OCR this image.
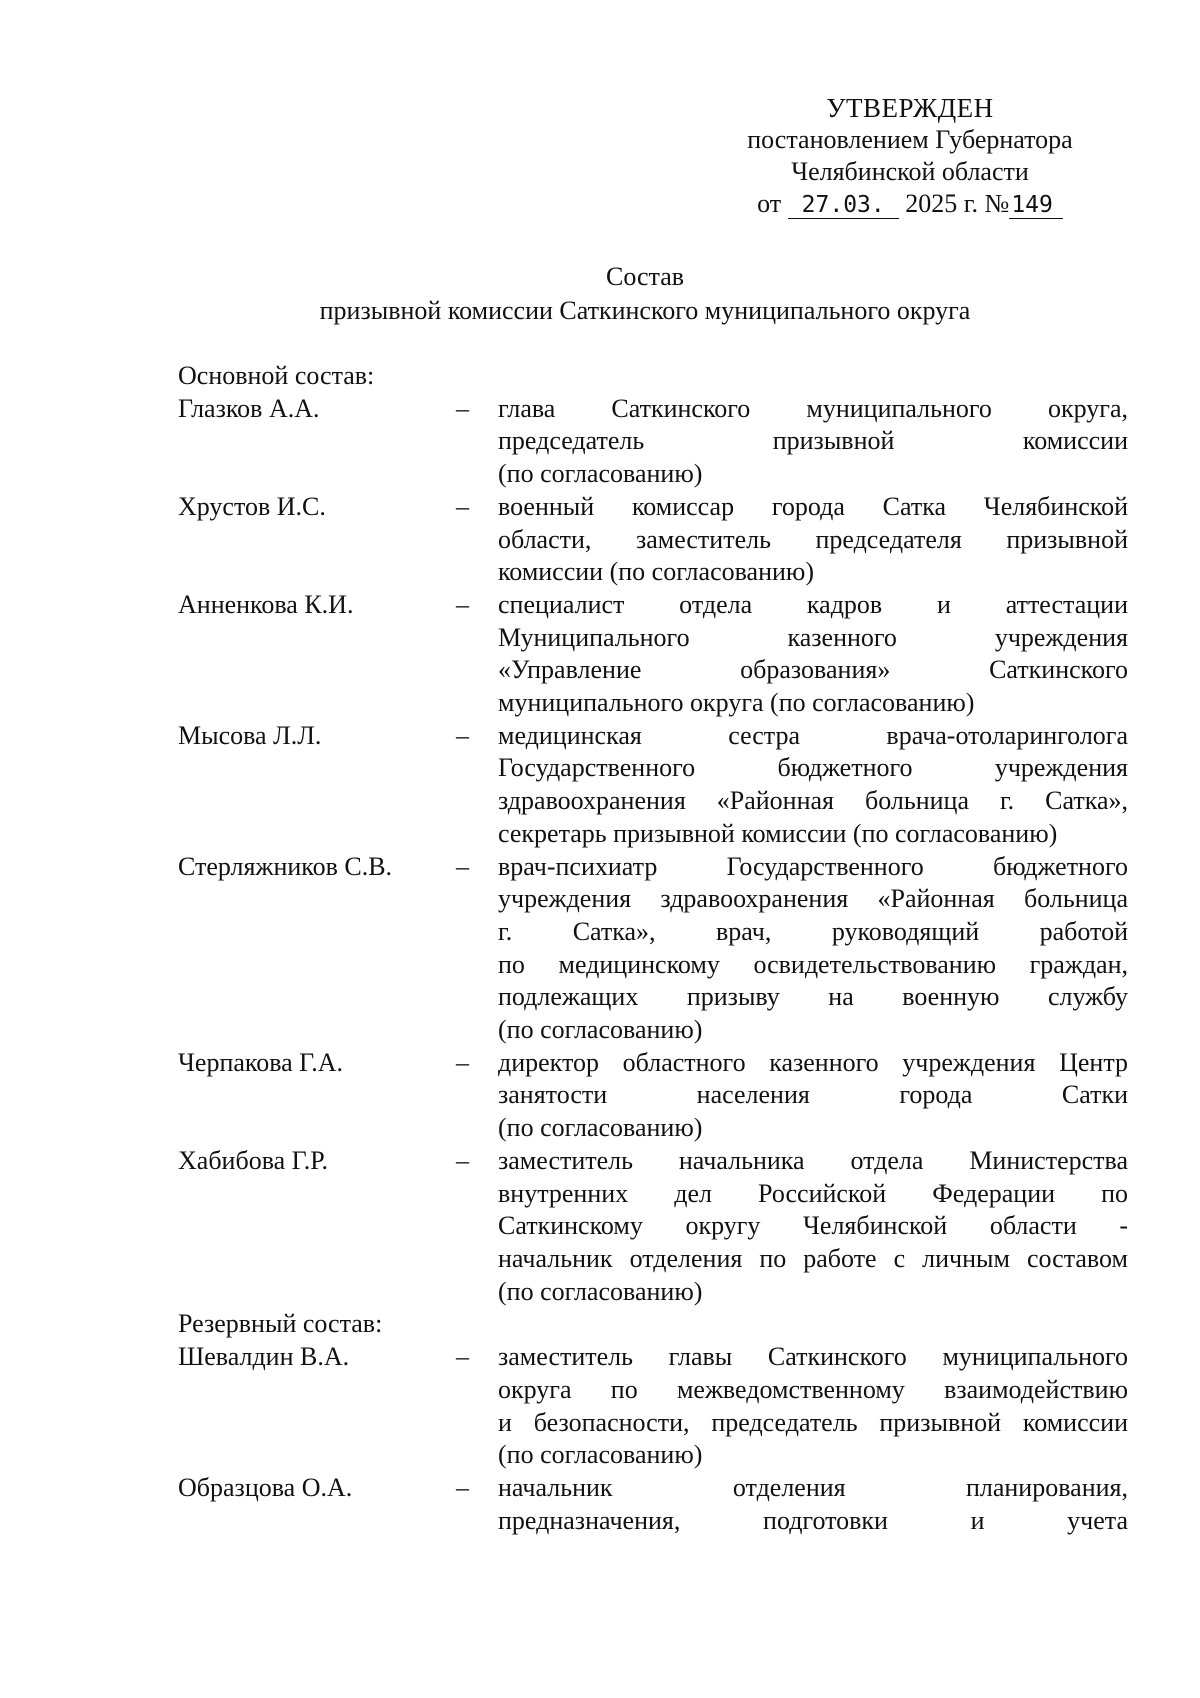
УТВЕРЖДЕН
постановлением Губернатора
Челябинской области
от 27.03. 2025 г. №149
Состав
призывной комиссии Саткинского муниципального округа
Основной состав:
Глазков А.А.	–	глава Саткинского муниципального округа,
председатель призывной комиссии
(по согласованию)
Хрустов И.С.	–	военный комиссар города Сатка Челябинской
области, заместитель председателя призывной
комиссии (по согласованию)
Анненкова К.И.	–	специалист отдела кадров и аттестации
Муниципального казенного учреждения
«Управление образования» Саткинского
муниципального округа (по согласованию)
Мысова Л.Л.	–	медицинская сестра врача-отоларинголога
Государственного бюджетного учреждения
здравоохранения «Районная больница г. Сатка»,
секретарь призывной комиссии (по согласованию)
Стерляжников С.В.	–	врач-психиатр Государственного бюджетного
учреждения здравоохранения «Районная больница
г. Сатка», врач, руководящий работой
по медицинскому освидетельствованию граждан,
подлежащих призыву на военную службу
(по согласованию)
Черпакова Г.А.	–	директор областного казенного учреждения Центр
занятости населения города Сатки
(по согласованию)
Хабибова Г.Р.	–	заместитель начальника отдела Министерства
внутренних дел Российской Федерации по
Саткинскому округу Челябинской области -
начальник отделения по работе с личным составом
(по согласованию)
Резервный состав:
Шевалдин В.А.	–	заместитель главы Саткинского муниципального
округа по межведомственному взаимодействию
и безопасности, председатель призывной комиссии
(по согласованию)
Образцова О.А.	–	начальник отделения планирования,
предназначения, подготовки и учета
